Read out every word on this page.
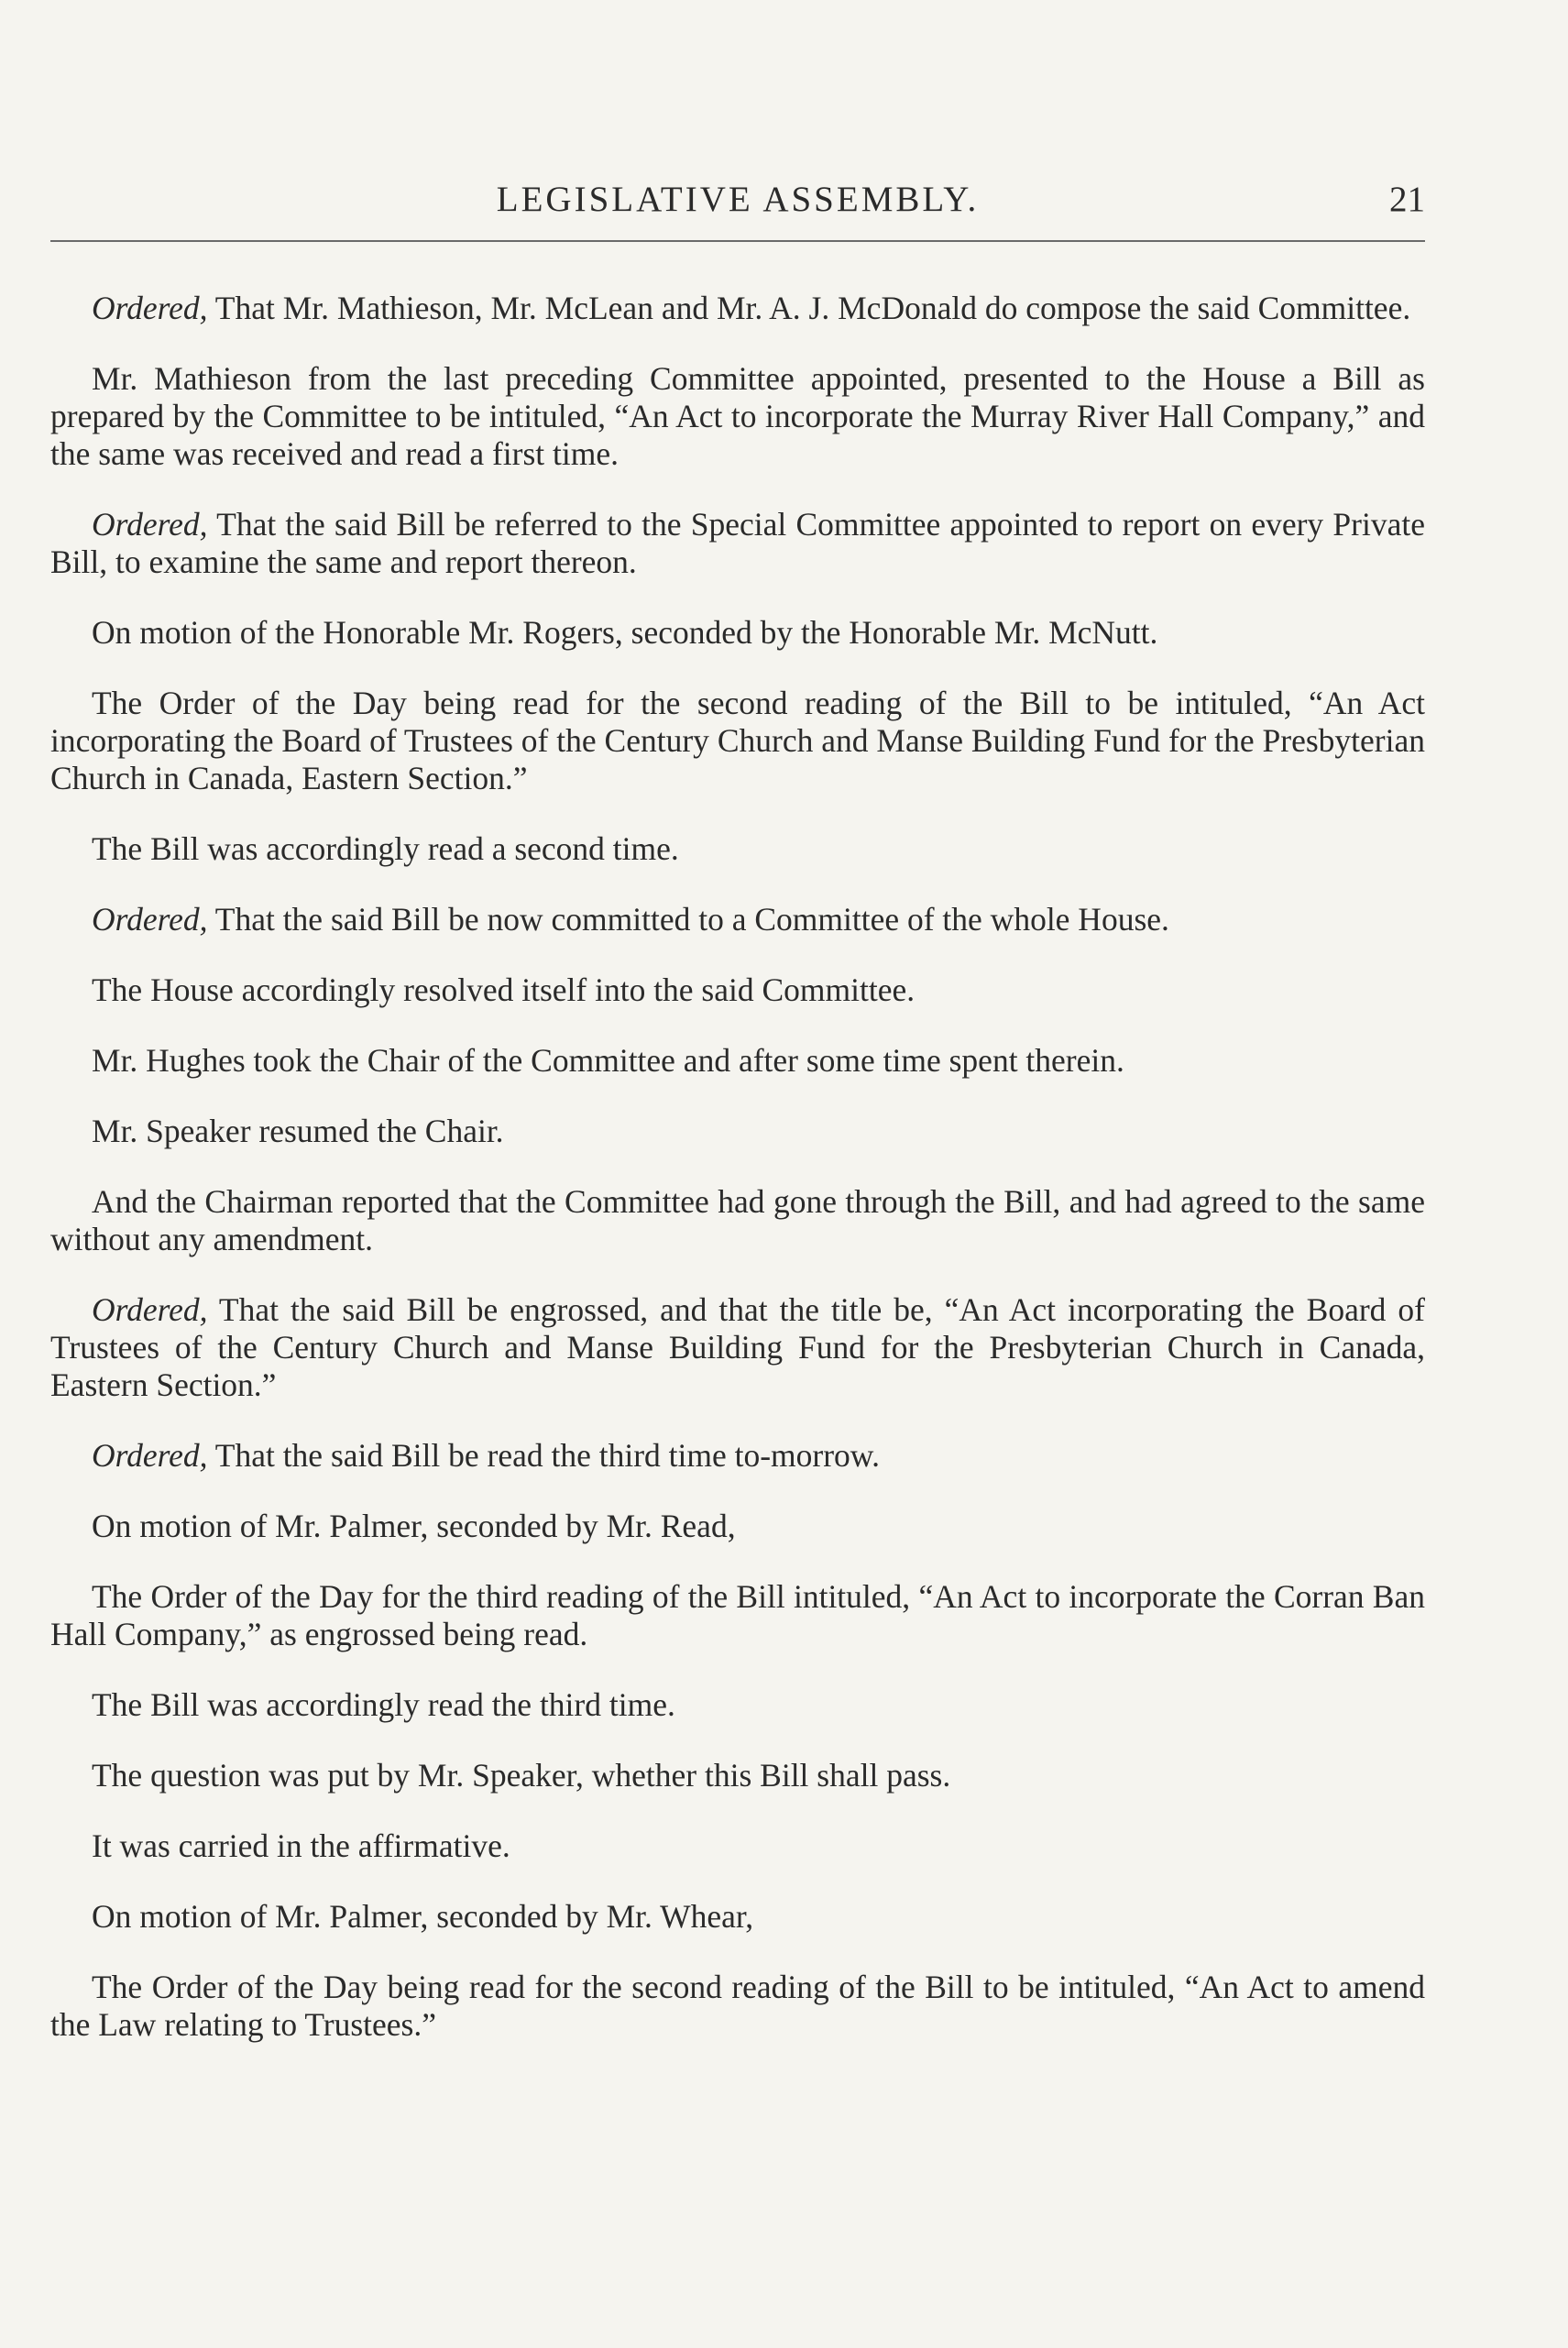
LEGISLATIVE ASSEMBLY.	21

Ordered, That Mr. Mathieson, Mr. McLean and Mr. A. J. McDonald do compose the said Committee.

Mr. Mathieson from the last preceding Committee appointed, presented to the House a Bill as prepared by the Committee to be intituled, “An Act to incorporate the Murray River Hall Company,” and the same was received and read a first time.

Ordered, That the said Bill be referred to the Special Committee appointed to report on every Private Bill, to examine the same and report thereon.

On motion of the Honorable Mr. Rogers, seconded by the Honorable Mr. McNutt.

The Order of the Day being read for the second reading of the Bill to be intituled, “An Act incorporating the Board of Trustees of the Century Church and Manse Building Fund for the Presbyterian Church in Canada, Eastern Section.”

The Bill was accordingly read a second time.

Ordered, That the said Bill be now committed to a Committee of the whole House.

The House accordingly resolved itself into the said Committee.

Mr. Hughes took the Chair of the Committee and after some time spent therein.

Mr. Speaker resumed the Chair.

And the Chairman reported that the Committee had gone through the Bill, and had agreed to the same without any amendment.

Ordered, That the said Bill be engrossed, and that the title be, “An Act incorporating the Board of Trustees of the Century Church and Manse Building Fund for the Presbyterian Church in Canada, Eastern Section.”

Ordered, That the said Bill be read the third time to-morrow.

On motion of Mr. Palmer, seconded by Mr. Read,

The Order of the Day for the third reading of the Bill intituled, “An Act to incorporate the Corran Ban Hall Company,” as engrossed being read.

The Bill was accordingly read the third time.

The question was put by Mr. Speaker, whether this Bill shall pass.

It was carried in the affirmative.

On motion of Mr. Palmer, seconded by Mr. Whear,

The Order of the Day being read for the second reading of the Bill to be intituled, “An Act to amend the Law relating to Trustees.”
